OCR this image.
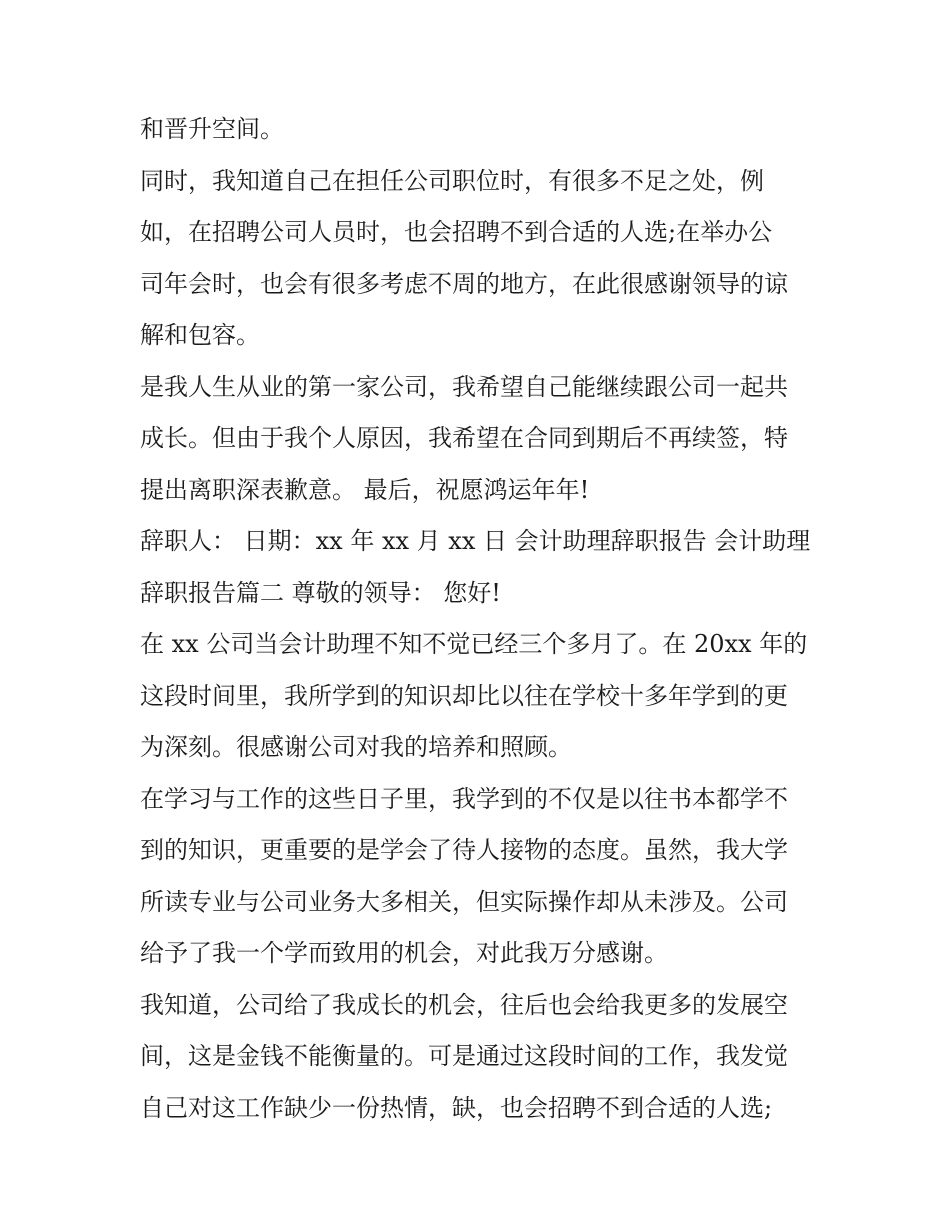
和晋升空间。
同时，我知道自己在担任公司职位时，有很多不足之处，例
如，在招聘公司人员时，也会招聘不到合适的人选;在举办公
司年会时，也会有很多考虑不周的地方，在此很感谢领导的谅
解和包容。
是我人生从业的第一家公司，我希望自己能继续跟公司一起共
成长。但由于我个人原因，我希望在合同到期后不再续签，特
提出离职深表歉意。 最后，祝愿鸿运年年!
辞职人： 日期：xx 年 xx 月 xx 日 会计助理辞职报告 会计助理
辞职报告篇二 尊敬的领导： 您好!
在 xx 公司当会计助理不知不觉已经三个多月了。在 20xx 年的
这段时间里，我所学到的知识却比以往在学校十多年学到的更
为深刻。很感谢公司对我的培养和照顾。
在学习与工作的这些日子里，我学到的不仅是以往书本都学不
到的知识，更重要的是学会了待人接物的态度。虽然，我大学
所读专业与公司业务大多相关，但实际操作却从未涉及。公司
给予了我一个学而致用的机会，对此我万分感谢。
我知道，公司给了我成长的机会，往后也会给我更多的发展空
间，这是金钱不能衡量的。可是通过这段时间的工作，我发觉
自己对这工作缺少一份热情，缺，也会招聘不到合适的人选;
